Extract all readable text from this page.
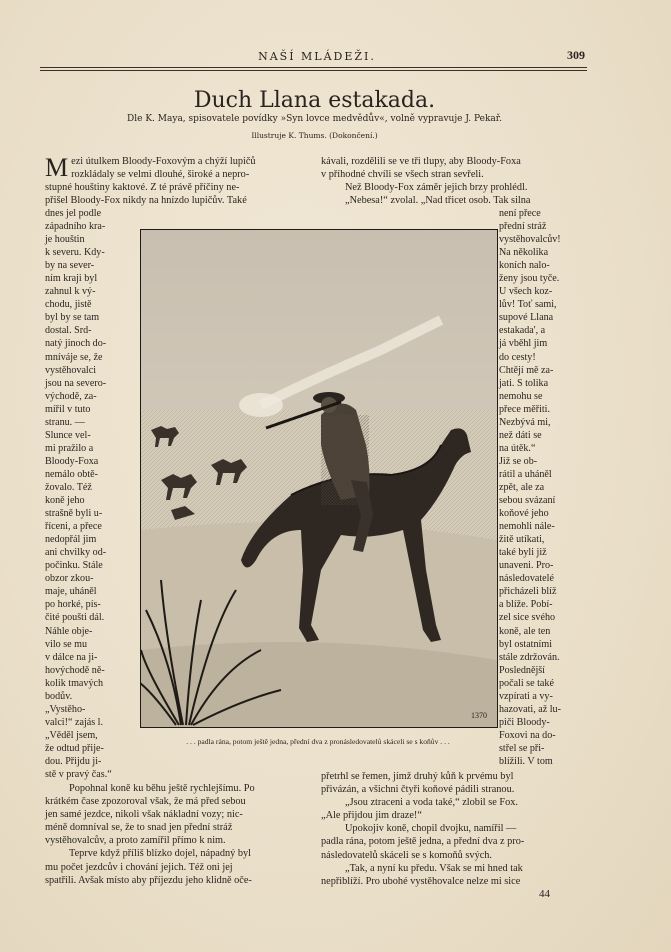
NAŠÍ MLÁDEŽI.	309
Duch Llana estakada.
Dle K. Maya, spisovatele povídky »Syn lovce medvědův«, volně vypravuje J. Pekař.
Illustruje K. Thums. (Dokončení.)
M ezi útulkem Bloody-Foxovým a chýží lupičů

rozkládaly se velmi dlouhé, široké a nepro-

stupné houštiny kaktové. Z té právě příčiny ne-

přišel Bloody-Fox nikdy na hnízdo lupičův. Také

kávali, rozdělili se ve tři tlupy, aby Bloody-Foxa

v příhodné chvíli se všech stran sevřeli.

Než Bloody-Fox záměr jejich brzy prohlédl.

„Nebesa!“ zvolal. „Nad třicet osob. Tak silna

dnes jel podle
západního kra-
je houštin
k severu. Kdy-
by na sever-
ním kraji byl
zahnul k vý-
chodu, jistě
byl by se tam
dostal. Srd-
natý jinoch do-
mníváje se, že
vystěhovalci
jsou na severo-
východě, za-
mířil v tuto
stranu. —
Slunce vel-
mi pražilo a
Bloody-Foxa
nemálo obtě-
žovalo. Též
koně jeho
strašně byli u-
říceni, a přece
nedopřál jim
ani chvilky od-
počinku. Stále
obzor zkou-
maje, uháněl
po horké, pís-
čité poušti dál.
Náhle obje-
vilo se mu
v dálce na ji-
hovýchodě ně-
kolik tmavých
bodův.
„Vystěho-
valci!“ zajás l.
„Věděl jsem,
že odtud přije-
dou. Přijdu ji-
stě v pravý čas.“
není přece
přední stráž
vystěhovalcův!
Na několika
koních nalo-
ženy jsou tyče.
U všech koz-
lův! Toť sami,
supové Llana
estakada', a
já vběhl jim
do cesty!
Chtějí mě za-
jati. S tolika
nemohu se
přece měřiti.
Nezbývá mi,
než dáti se
na útěk.“
Již se ob-
rátil a uháněl
zpět, ale za
sebou svázaní
koňové jeho
nemohli nále-
žitě utíkati,
také byli již
unaveni. Pro-
následovatelé
přicházeli blíž
a blíže. Pobí-
zel sice svého
koně, ale ten
byl ostatními
stále zdržován.
Poslednější
počali se také
vzpírati a vy-
hazovati, až lu-
piči Bloody-
Foxovi na do-
střel se při-
blížili. V tom
1370
. . . padla rána, potom ještě jedna, přední dva z pronásledovatelů skáceli se s koňův . . .

Popohnal koně ku běhu ještě rychlejšímu. Po

krátkém čase zpozoroval však, že má před sebou

jen samé jezdce, nikoli však nákladní vozy; nic-

méně domníval se, že to snad jen přední stráž

vystěhovalcův, a proto zamířil přímo k nim.

Teprve když příliš blízko dojel, nápadný byl

mu počet jezdcův i chování jejich. Též oni jej

spatřili. Avšak místo aby příjezdu jeho klidně oče-

přetrhl se řemen, jímž druhý kůň k prvému byl

přivázán, a všichni čtyři koňové pádili stranou.

„Jsou ztraceni a voda také,“ zlobil se Fox.

„Ale přijdou jim draze!“

Upokojiv koně, chopil dvojku, namířil —

padla rána, potom ještě jedna, a přední dva z pro-

následovatelů skáceli se s komoňů svých.

„Tak, a nyní ku předu. Však se mi hned tak

nepřiblíží. Pro ubohé vystěhovalce nelze mi sice

44
